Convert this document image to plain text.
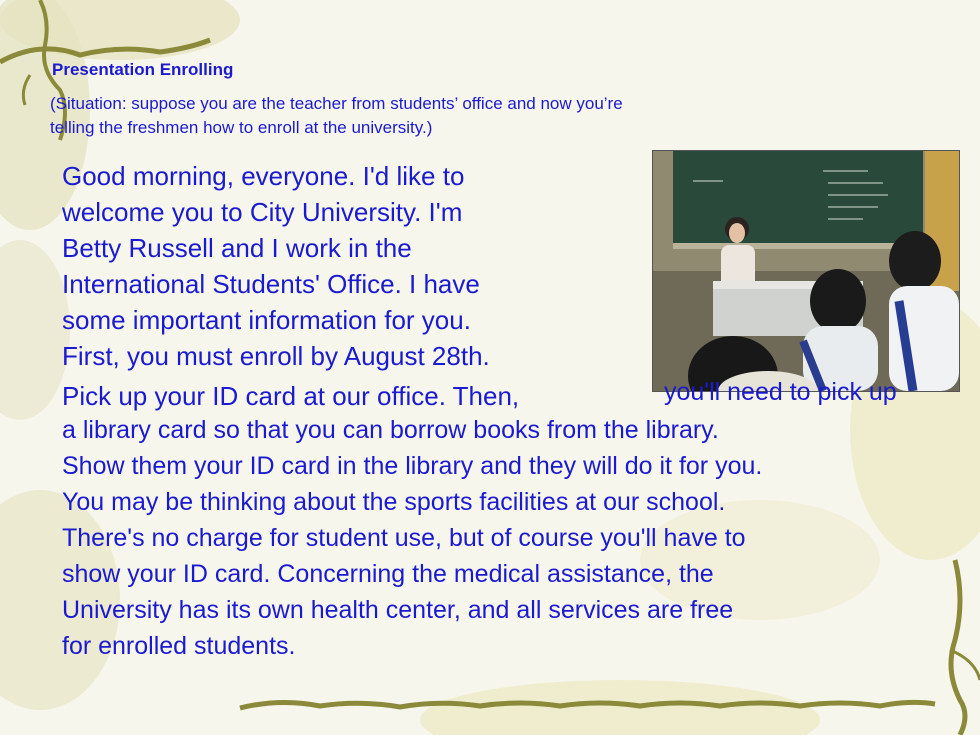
Presentation Enrolling
(Situation: suppose you are the teacher from students’ office and now you’re
telling the freshmen how to enroll at the university.)
Good morning, everyone. I'd like to
welcome you to City University. I'm
Betty Russell and I work in the
International Students' Office. I have
some important information for you.
First, you must enroll by August 28th.
Pick up your ID card at our office. Then,	you'll need to pick up
a library card so that you can borrow books from the library.
Show them your ID card in the library and they will do it for you.
You may be thinking about the sports facilities at our school.
There's no charge for student use, but of course you'll have to
show your ID card. Concerning the medical assistance, the
University has its own health center, and all services are free
for enrolled students.
